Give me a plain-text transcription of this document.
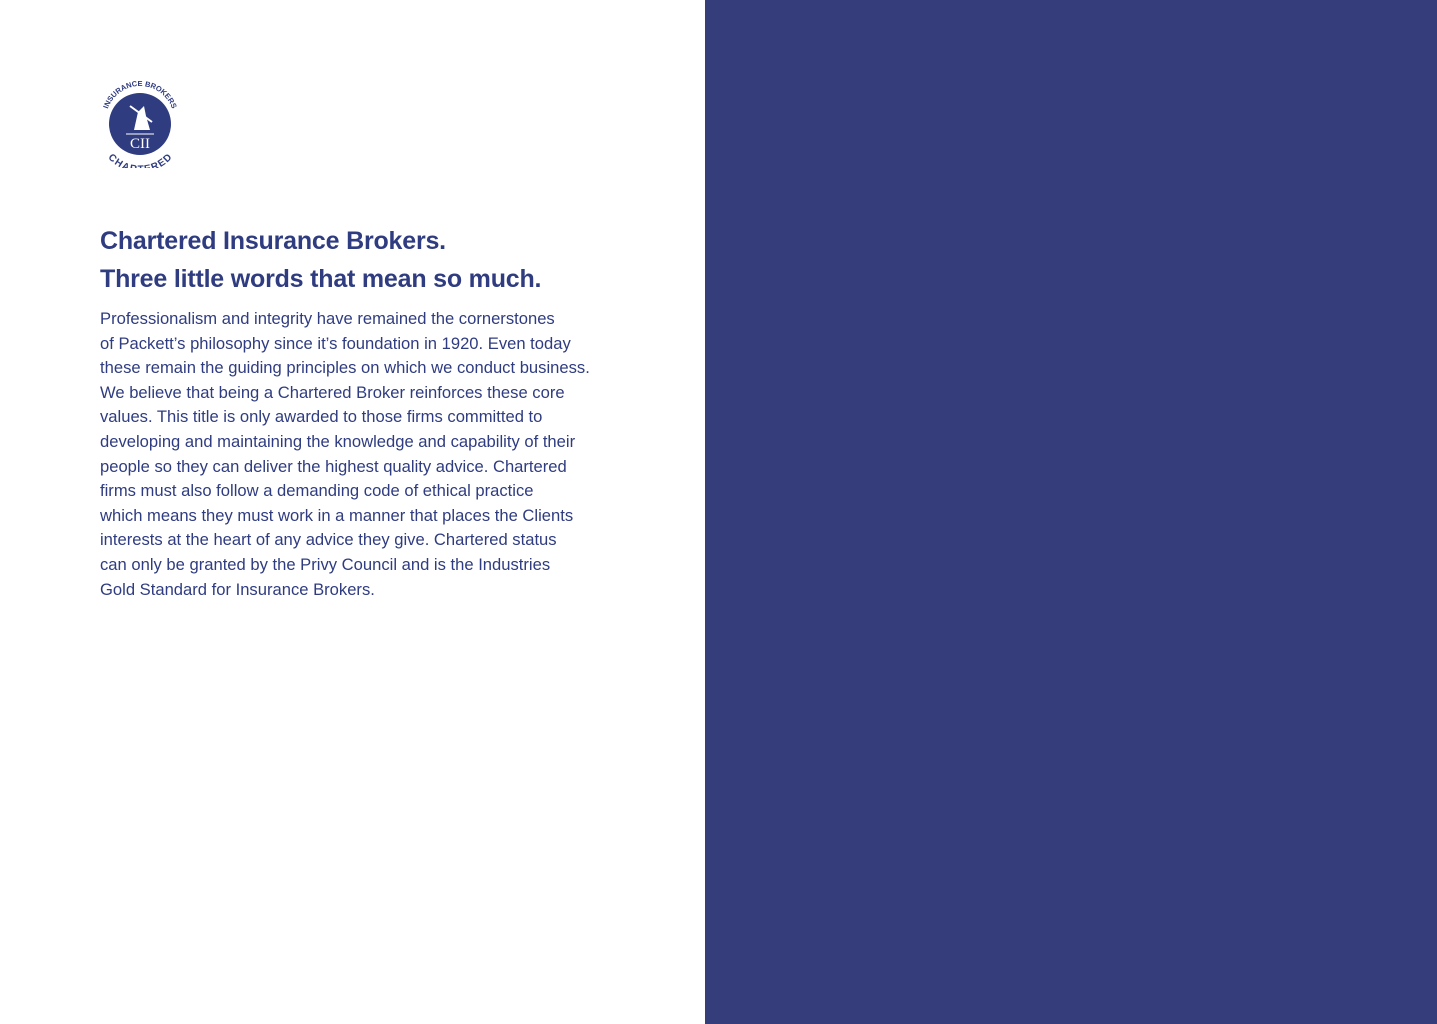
CII
INSURANCE BROKERS
CHA RED
Chartered Insurance Brokers.
Three little words that mean so much.
Professionalism and integrity have remained the cornerstones
of Packett’s philosophy since it’s foundation in 1920. Even today
these remain the guiding principles on which we conduct business.
We believe that being a Chartered Broker reinforces these core
values. This title is only awarded to those firms committed to
developing and maintaining the knowledge and capability of their
people so they can deliver the highest quality advice. Chartered
firms must also follow a demanding code of ethical practice
which means they must work in a manner that places the Clients
interests at the heart of any advice they give. Chartered status
can only be granted by the Privy Council and is the Industries
Gold Standard for Insurance Brokers.
